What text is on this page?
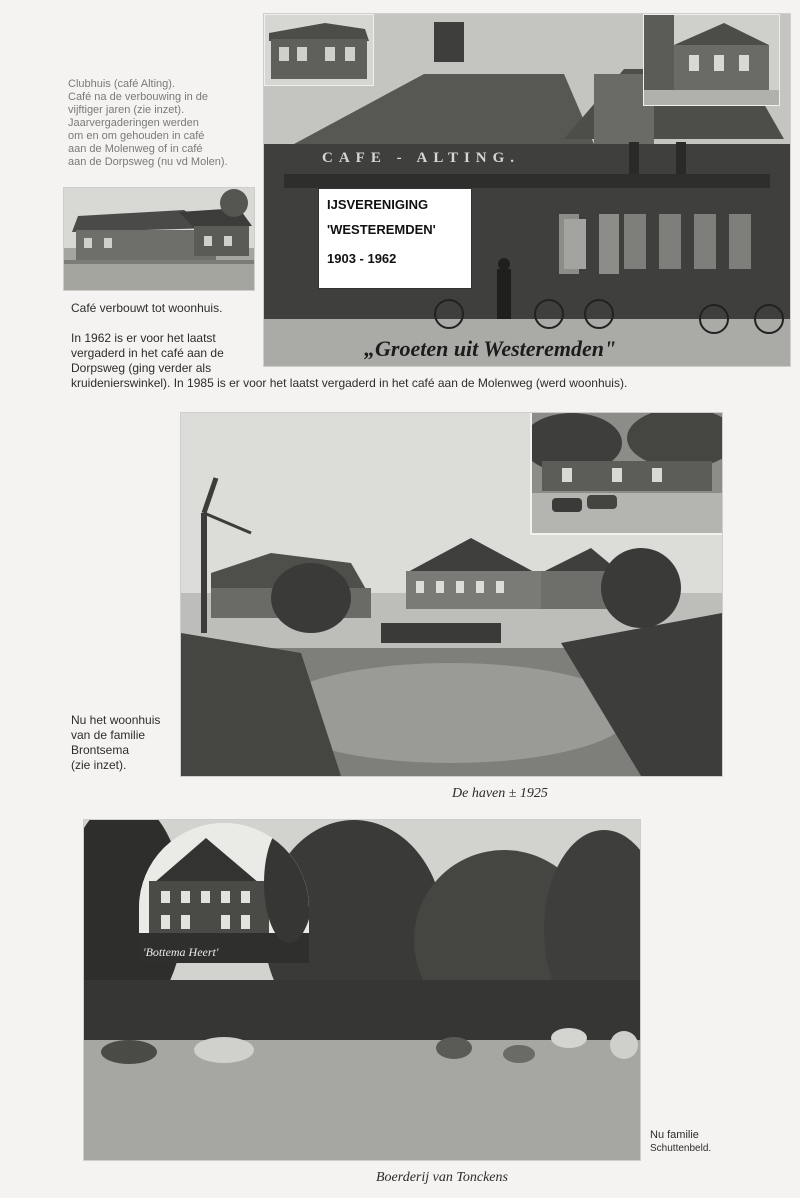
Clubhuis (café Alting).
Café na de verbouwing in de
vijftiger jaren (zie inzet).
Jaarvergaderingen werden
om en om gehouden in café
aan de Molenweg of in café
aan de Dorpsweg (nu vd Molen).
Café verbouwt tot woonhuis.
In 1962 is er voor het laatst
vergaderd in het café aan de
Dorpsweg (ging verder als
kruidenierswinkel). In 1985 is er voor het laatst vergaderd in het café aan de Molenweg (werd woonhuis).
CAFE - ALTING.
IJSVERENIGING
'WESTEREMDEN'
1903 - 1962
„Groeten uit Westeremden"
Nu het woonhuis
van de familie
Brontsema
(zie inzet).
De haven ± 1925
'Bottema Heert'
Nu familie
Schuttenbeld.
Boerderij van Tonckens
